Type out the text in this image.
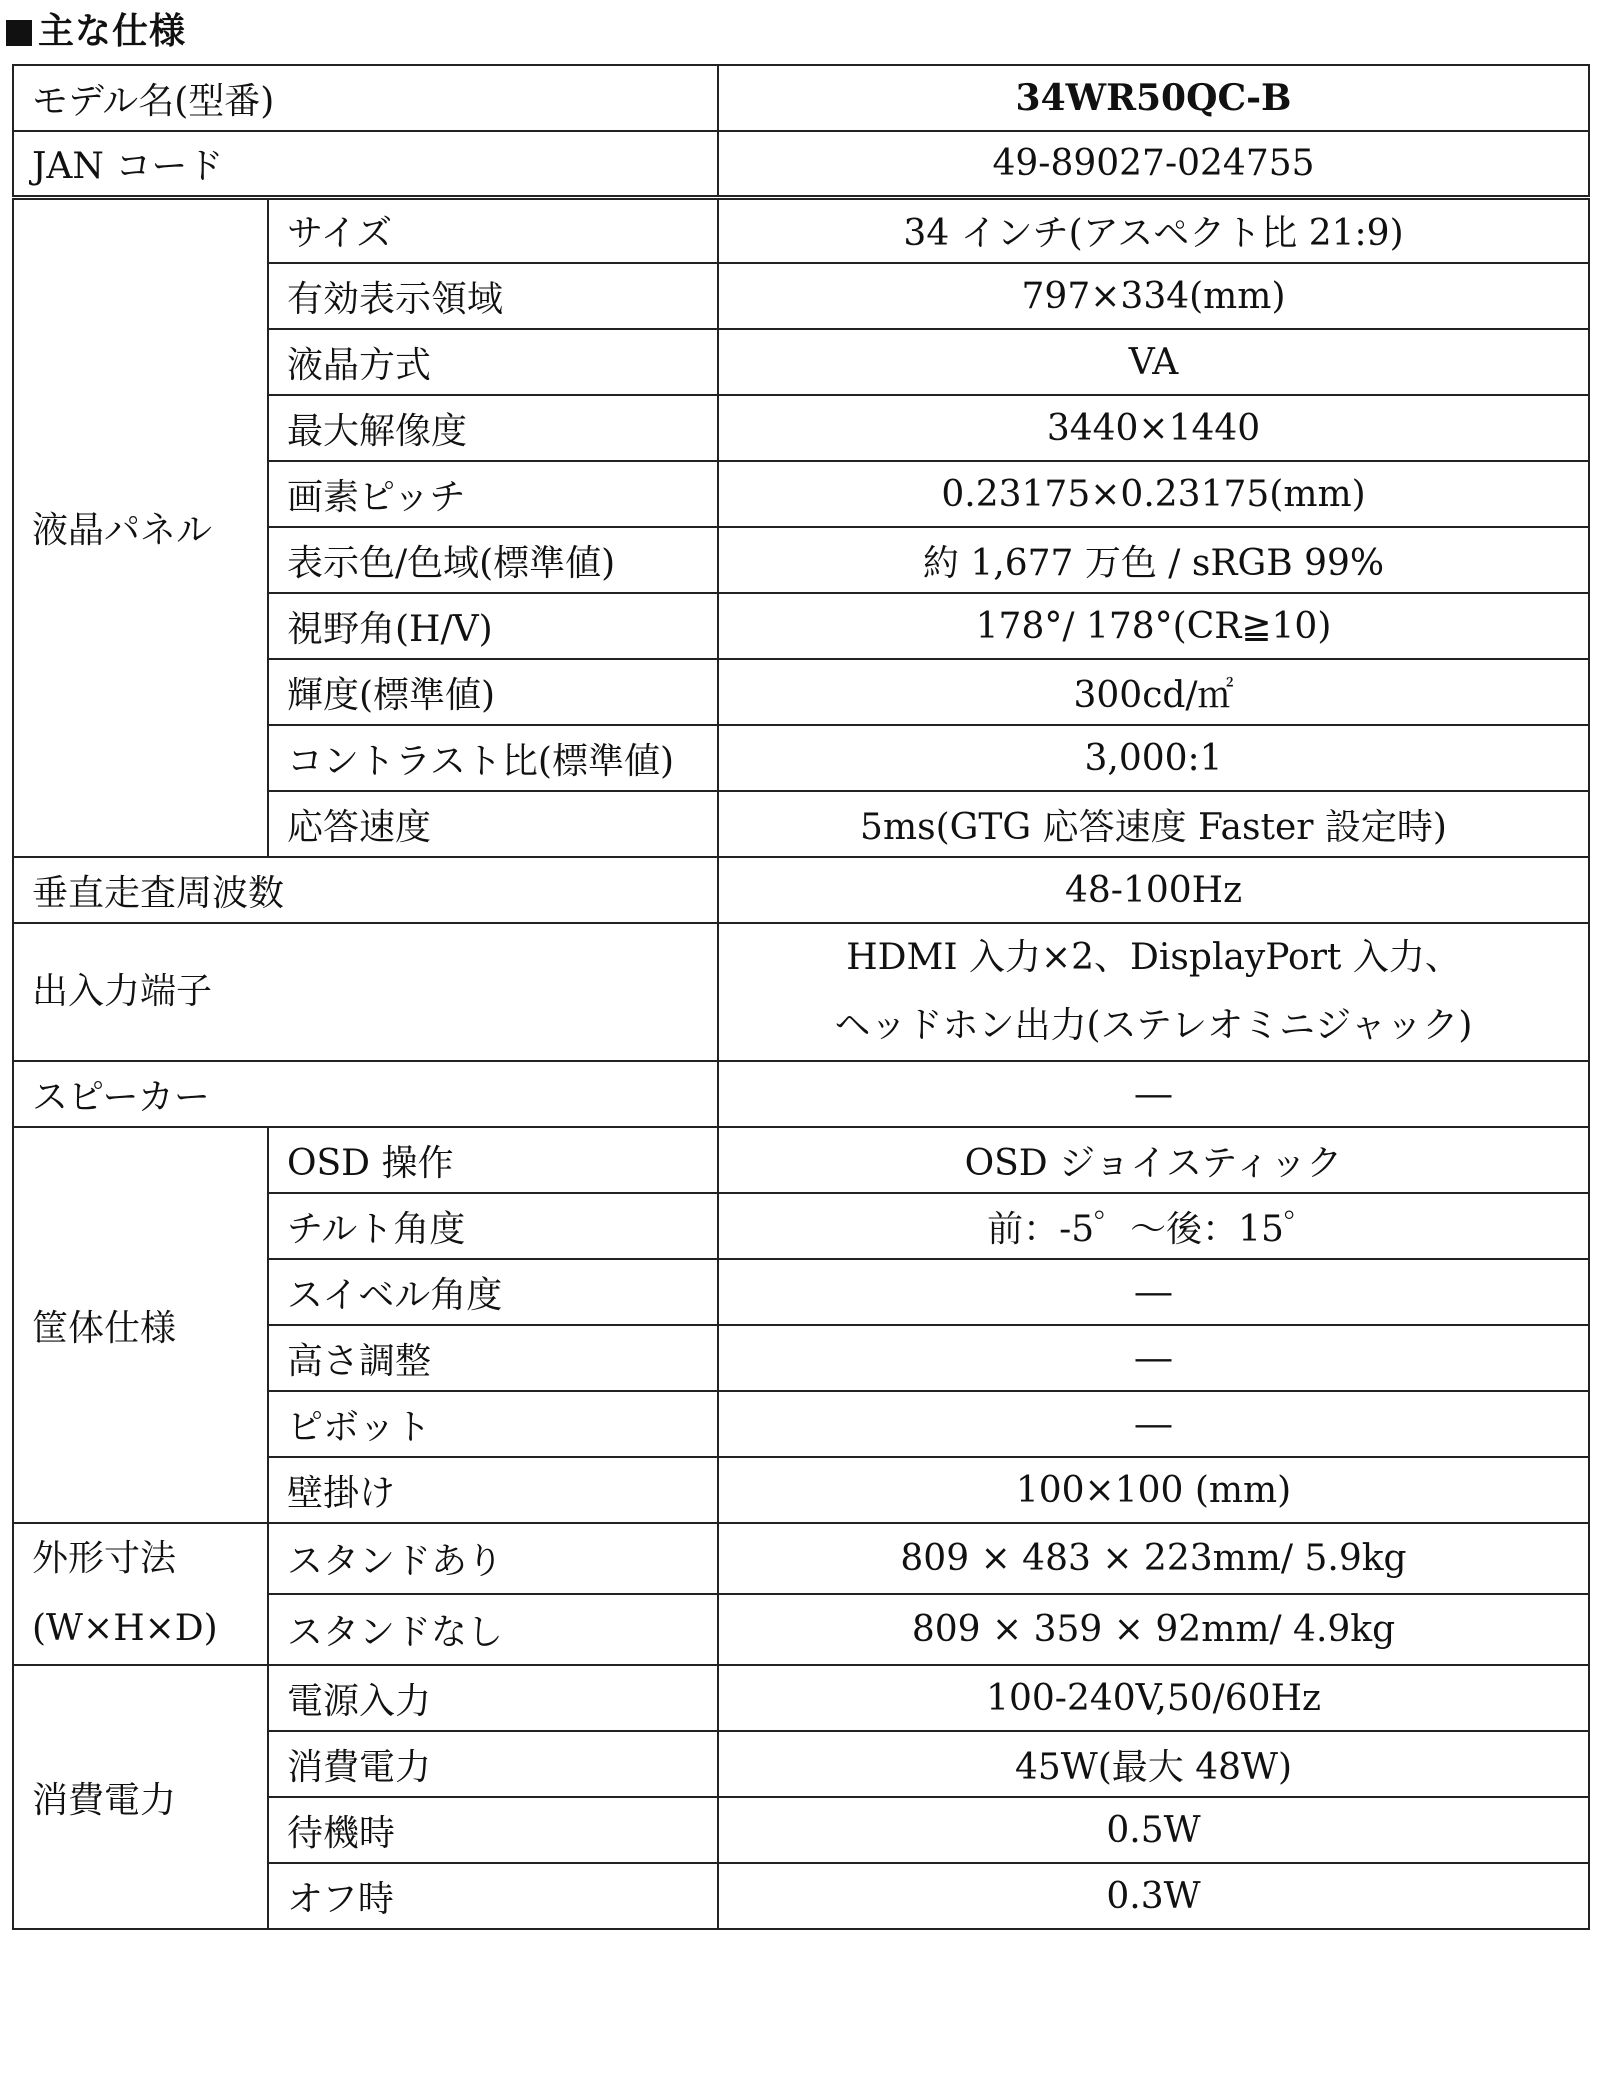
主な仕様
モデル名(型番)		34WR50QC-B
JAN コード		49-89027-024755
液晶パネル	サイズ	34 インチ(アスペクト比 21:9)
	有効表示領域	797×334(mm)
	液晶方式	VA
	最大解像度	3440×1440
	画素ピッチ	0.23175×0.23175(mm)
	表示色/色域(標準値)	約 1,677 万色 / sRGB 99%
	視野角(H/V)	178°/ 178°(CR≧10)
	輝度(標準値)	300cd/㎡
	コントラスト比(標準値)	3,000:1
	応答速度	5ms(GTG 応答速度 Faster 設定時)
垂直走査周波数		48-100Hz
出入力端子		HDMI 入力×2、DisplayPort 入力、
ヘッドホン出力(ステレオミニジャック)
スピーカー		―
筐体仕様	OSD 操作	OSD ジョイスティック
	チルト角度	前：-5゜～後：15゜
	スイベル角度	―
	高さ調整	―
	ピボット	―
	壁掛け	100×100 (mm)
外形寸法
(W×H×D)	スタンドあり	809 × 483 × 223mm/ 5.9kg
	スタンドなし	809 × 359 × 92mm/ 4.9kg
消費電力	電源入力	100-240V,50/60Hz
	消費電力	45W(最大 48W)
	待機時	0.5W
	オフ時	0.3W
